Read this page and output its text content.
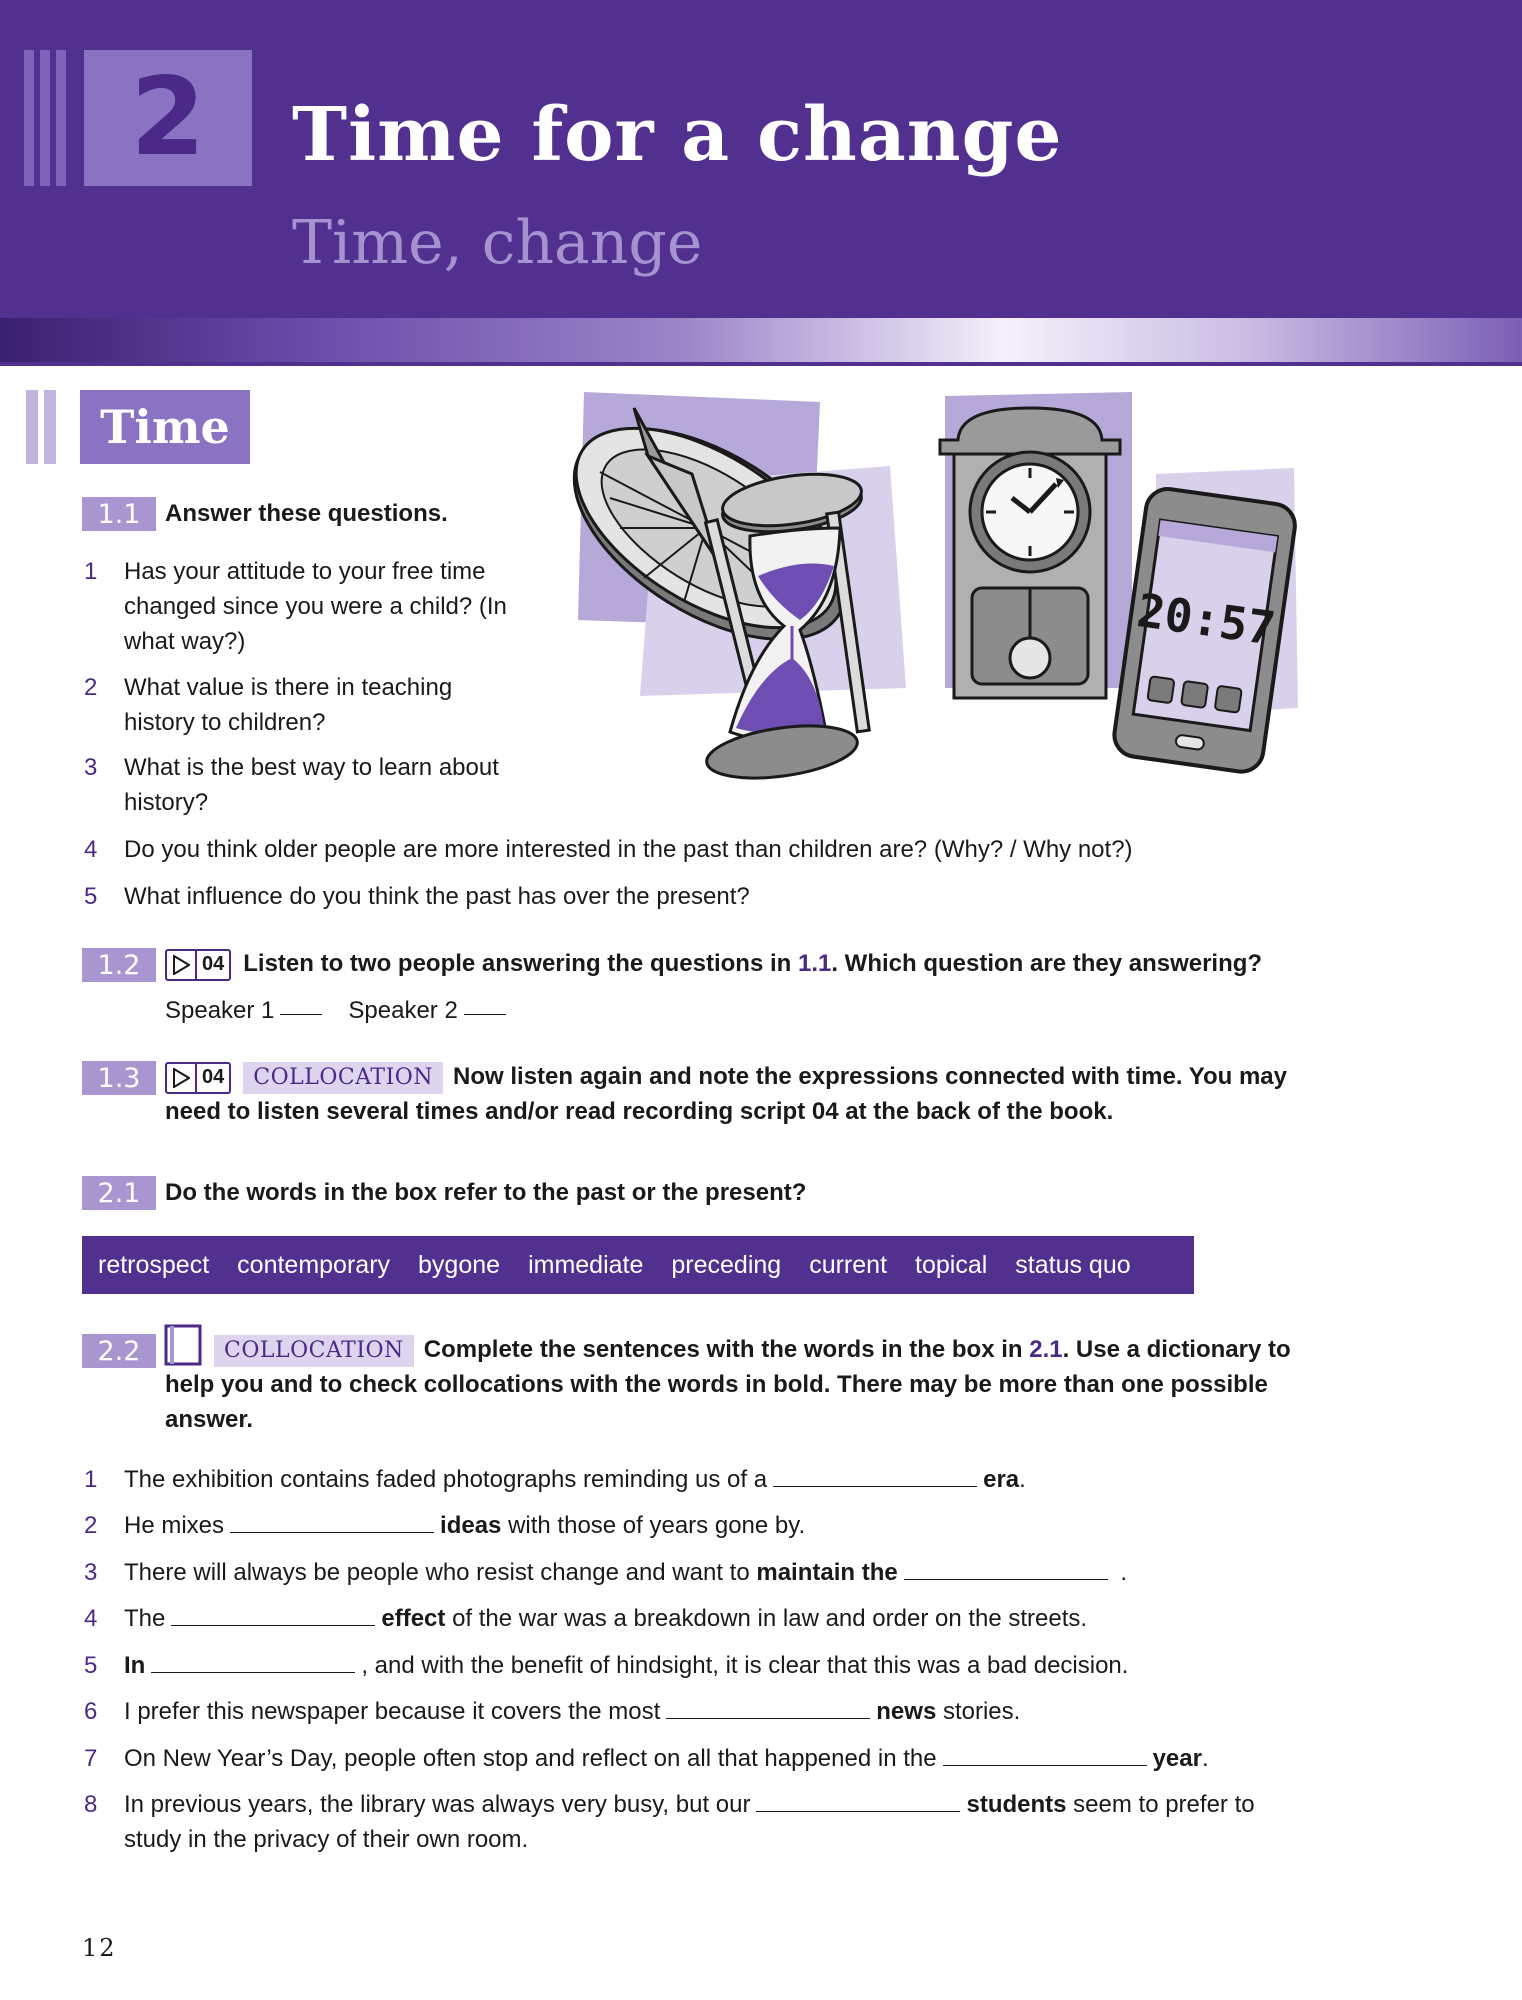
2 Time for a change
Time, change
Time
20:57
1.1	Answer these questions.
1	Has your attitude to your free time
changed since you were a child? (In
what way?)
2	What value is there in teaching
history to children?
3	What is the best way to learn about
history?
4	Do you think older people are more interested in the past than children are? (Why? / Why not?)
5	What influence do you think the past has over the present?
1.2	04 Listen to two people answering the questions in 1.1. Which question are they answering?
Speaker 1	Speaker 2
1.3	04 COLLOCATION Now listen again and note the expressions connected with time. You may
need to listen several times and/or read recording script 04 at the back of the book.
2.1	Do the words in the box refer to the past or the present?
retrospect contemporary bygone immediate preceding current topical status quo
2.2	COLLOCATION Complete the sentences with the words in the box in 2.1. Use a dictionary to
help you and to check collocations with the words in bold. There may be more than one possible
answer.
1	The exhibition contains faded photographs reminding us of a	era.
2	He mixes	ideas with those of years gone by.
3	There will always be people who resist change and want to maintain the	.
4	The	effect of the war was a breakdown in law and order on the streets.
5	In	, and with the benefit of hindsight, it is clear that this was a bad decision.
6	I prefer this newspaper because it covers the most	news stories.
7	On New Year’s Day, people often stop and reflect on all that happened in the	year.
8	In previous years, the library was always very busy, but our	students seem to prefer to
study in the privacy of their own room.
12
